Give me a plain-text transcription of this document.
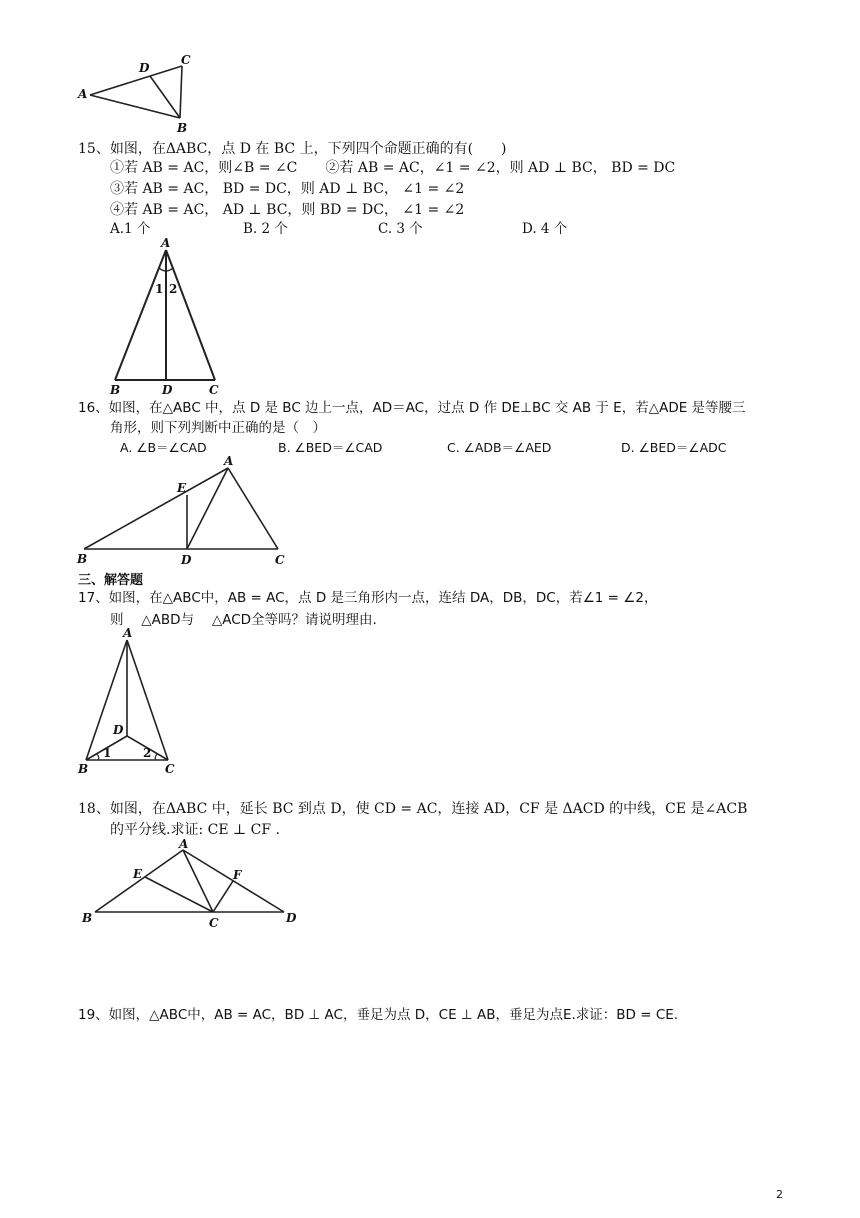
A
D
C
B
15、如图，在ΔABC，点 D 在 BC 上，下列四个命题正确的有(　　)
①若 AB = AC，则∠B = ∠C　　②若 AB = AC，∠1 = ∠2，则 AD ⊥ BC， BD = DC
③若 AB = AC， BD = DC，则 AD ⊥ BC， ∠1 = ∠2
④若 AB = AC， AD ⊥ BC，则 BD = DC， ∠1 = ∠2
A.1 个	B. 2 个	C. 3 个	D. 4 个
A
1 2
B	D	C
16、如图，在△ABC 中，点 D 是 BC 边上一点，AD＝AC，过点 D 作 DE⊥BC 交 AB 于 E，若△ADE 是等腰三
角形，则下列判断中正确的是（　）
A. ∠B＝∠CAD	B. ∠BED＝∠CAD	C. ∠ADB＝∠AED	D. ∠BED＝∠ADC
A
E
B	D	C
三、解答题
17、如图，在△ABC中，AB = AC，点 D 是三角形内一点，连结 DA，DB，DC，若∠1 = ∠2，
则　 △ABD与　 △ACD全等吗？请说明理由.
A
D
1	2
B	C
18、如图，在ΔABC 中，延长 BC 到点 D，使 CD = AC，连接 AD，CF 是 ΔACD 的中线，CE 是∠ACB
的平分线.求证: CE ⊥ CF .
A
E	F
B	C	D
19、如图，△ABC中，AB = AC，BD ⊥ AC，垂足为点 D，CE ⊥ AB，垂足为点E.求证：BD = CE.
2
